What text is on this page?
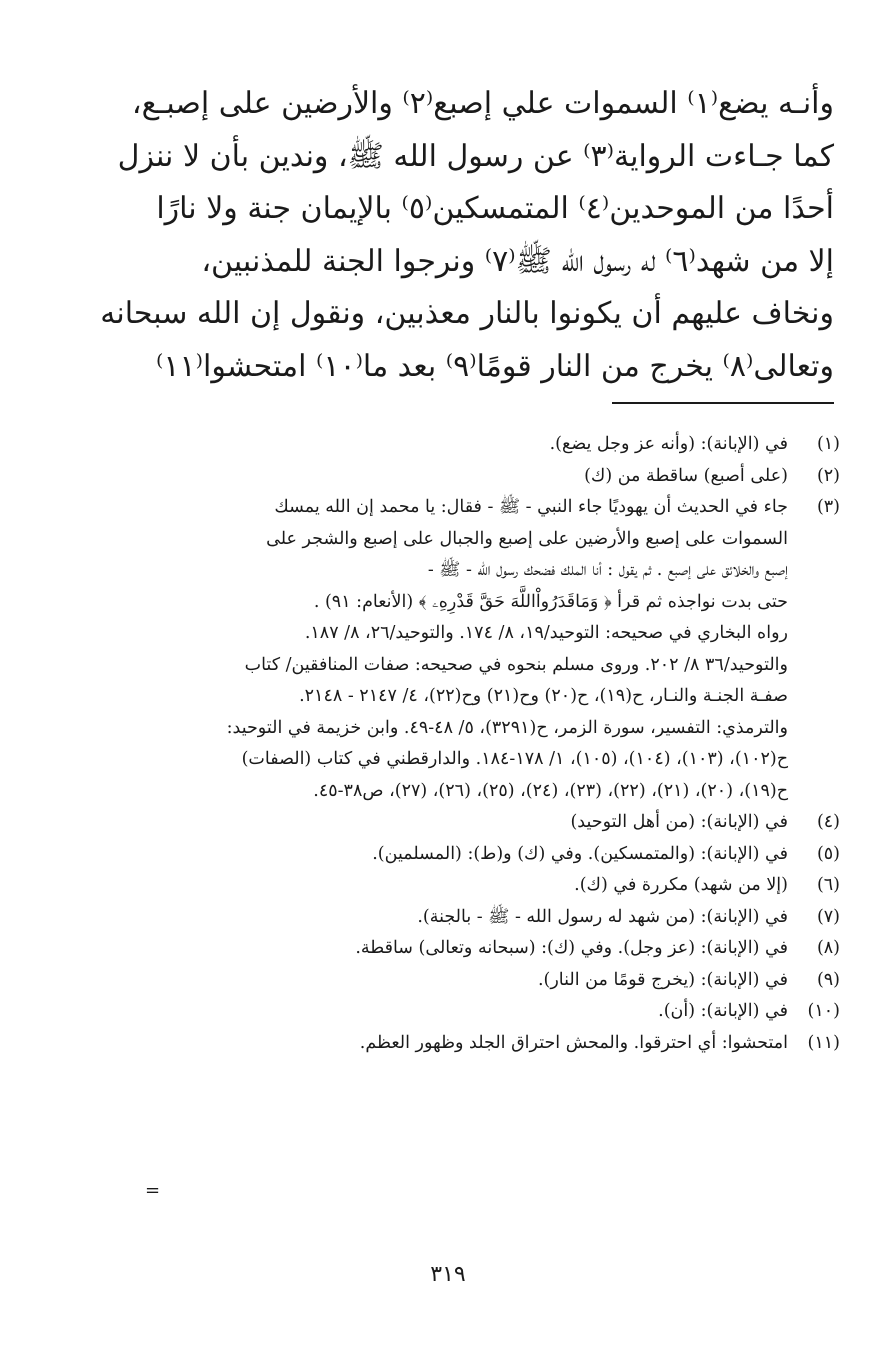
وأنـه يضع⁽١⁾ السموات علي إصبع⁽٢⁾ والأرضين على إصبـع،
كما جـاءت الرواية⁽٣⁾ عن رسول الله ﷺ، وندين بأن لا ننزل
أحدًا من الموحدين⁽٤⁾ المتمسكين⁽٥⁾ بالإيمان جنة ولا نارًا
إلا من شهد⁽٦⁾ له رسول الله ﷺ⁽٧⁾ ونرجوا الجنة للمذنبين،
ونخاف عليهم أن يكونوا بالنار معذبين، ونقول إن الله سبحانه
وتعالى⁽٨⁾ يخرج من النار قومًا⁽٩⁾ بعد ما⁽١٠⁾ امتحشوا⁽١١⁾
(١)
في (الإبانة): (وأنه عز وجل يضع).
(٢)
(على أصبع) ساقطة من (ك)
(٣)
جاء في الحديث أن يهوديًا جاء النبي - ﷺ - فقال: يا محمد إن الله يمسك
السموات على إصبع والأرضين على إصبع والجبال على إصبع والشجر على
إصبع والخلائق على إصبع . ثم يقول : أنا الملك فضحك رسول الله - ﷺ -
حتى بدت نواجذه ثم قرأ ﴿ وَمَاقَدَرُواْاللَّهَ حَقَّ قَدْرِهِۦ ﴾ (الأنعام: ٩١) .
رواه البخاري في صحيحه: التوحيد/١٩، ٨/ ١٧٤. والتوحيد/٢٦، ٨/ ١٨٧.
والتوحيد/٣٦ ٨/ ٢٠٢. وروى مسلم بنحوه في صحيحه: صفات المنافقين/ كتاب
صفـة الجنـة والنـار، ح(١٩)، ح(٢٠) وح(٢١) وح(٢٢)، ٤/ ٢١٤٧ - ٢١٤٨.
والترمذي: التفسير، سورة الزمر، ح(٣٢٩١)، ٥/ ٤٨-٤٩. وابن خزيمة في التوحيد:
ح(١٠٢)، (١٠٣)، (١٠٤)، (١٠٥)، ١/ ١٧٨-١٨٤. والدارقطني في كتاب (الصفات)
ح(١٩)، (٢٠)، (٢١)، (٢٢)، (٢٣)، (٢٤)، (٢٥)، (٢٦)، (٢٧)، ص٣٨-٤٥.
(٤)
في (الإبانة): (من أهل التوحيد)
(٥)
في (الإبانة): (والمتمسكين). وفي (ك) و(ط): (المسلمين).
(٦)
(إلا من شهد) مكررة في (ك).
(٧)
في (الإبانة): (من شهد له رسول الله - ﷺ - بالجنة).
(٨)
في (الإبانة): (عز وجل). وفي (ك): (سبحانه وتعالى) ساقطة.
(٩)
في (الإبانة): (يخرج قومًا من النار).
(١٠)
في (الإبانة): (أن).
(١١)
امتحشوا: أي احترقوا. والمحش احتراق الجلد وظهور العظم.
=
٣١٩
